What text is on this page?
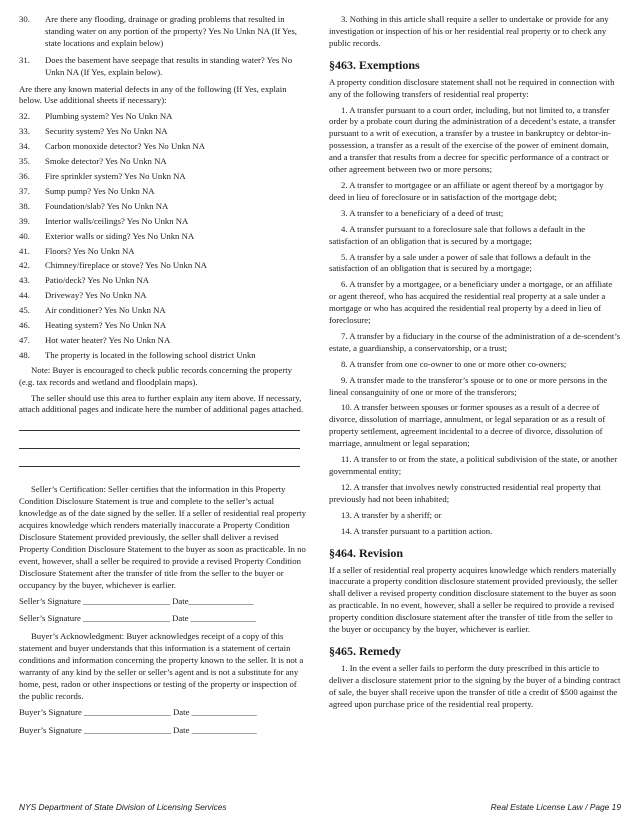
30.	Are there any flooding, drainage or grading problems that resulted in standing water on any portion of the property? Yes No Unkn NA (If Yes, state locations and explain below)
31.	Does the basement have seepage that results in standing water? Yes No Unkn NA (If Yes, explain below).

Are there any known material defects in any of the following (If Yes, explain below. Use additional sheets if necessary):

32.	Plumbing system? Yes No Unkn NA
33.	Security system? Yes No Unkn NA
34.	Carbon monoxide detector? Yes No Unkn NA
35.	Smoke detector? Yes No Unkn NA
36.	Fire sprinkler system? Yes No Unkn NA
37.	Sump pump? Yes No Unkn NA
38.	Foundation/slab? Yes No Unkn NA
39.	Interior walls/ceilings? Yes No Unkn NA
40.	Exterior walls or siding? Yes No Unkn NA
41.	Floors? Yes No Unkn NA
42.	Chimney/fireplace or stove? Yes No Unkn NA
43.	Patio/deck? Yes No Unkn NA
44.	Driveway? Yes No Unkn NA
45.	Air conditioner? Yes No Unkn NA
46.	Heating system? Yes No Unkn NA
47.	Hot water heater? Yes No Unkn NA
48.	The property is located in the following school district Unkn

Note: Buyer is encouraged to check public records concerning the property (e.g. tax records and wetland and floodplain maps).

The seller should use this area to further explain any item above. If necessary, attach additional pages and indicate here the number of additional pages attached.

Seller’s Certification: Seller certifies that the information in this Property Condition Disclosure Statement is true and complete to the seller’s actual knowledge as of the date signed by the seller. If a seller of residential real property acquires knowledge which renders materially inaccurate a Property Condition Disclosure Statement provided previously, the seller shall deliver a revised Property Condition Disclosure Statement to the buyer as soon as practicable. In no event, however, shall a seller be required to provide a revised Property Condition Disclosure Statement after the transfer of title from the seller to the buyer or occupancy by the buyer, whichever is earlier.

Seller’s Signature ____________________ Date_______________
Seller’s Signature ____________________ Date _______________

Buyer’s Acknowledgment: Buyer acknowledges receipt of a copy of this statement and buyer understands that this information is a statement of certain conditions and information concerning the property known to the seller. It is not a warranty of any kind by the seller or seller’s agent and is not a substitute for any home, pest, radon or other inspections or testing of the property or inspection of the public records.

Buyer’s Signature ____________________ Date _______________
Buyer’s Signature ____________________ Date _______________

3. Nothing in this article shall require a seller to undertake or provide for any investigation or inspection of his or her residential real property or to check any public records.

§463. Exemptions

A property condition disclosure statement shall not be required in connection with any of the following transfers of residential real property:

1. A transfer pursuant to a court order, including, but not limited to, a transfer order by a probate court during the administration of a decedent’s estate, a transfer pursuant to a writ of execution, a transfer by a trustee in bankruptcy or debtor-in-possession, a transfer as a result of the exercise of the power of eminent domain, and a transfer that results from a decree for specific performance of a contract or other agreement between two or more persons;

2. A transfer to mortgagee or an affiliate or agent thereof by a mortgagor by deed in lieu of foreclosure or in satisfaction of the mortgage debt;

3. A transfer to a beneficiary of a deed of trust;

4. A transfer pursuant to a foreclosure sale that follows a default in the satisfaction of an obligation that is secured by a mortgage;

5. A transfer by a sale under a power of sale that follows a default in the satisfaction of an obligation that is secured by a mortgage;

6. A transfer by a mortgagee, or a beneficiary under a mortgage, or an affiliate or agent thereof, who has acquired the residential real property at a sale under a mortgage or who has acquired the residential real property by a deed in lieu of foreclosure;

7. A transfer by a fiduciary in the course of the administration of a de-scendent’s estate, a guardianship, a conservatorship, or a trust;

8. A transfer from one co-owner to one or more other co-owners;

9. A transfer made to the transferor’s spouse or to one or more persons in the lineal consanguinity of one or more of the transferors;

10. A transfer between spouses or former spouses as a result of a decree of divorce, dissolution of marriage, annulment, or legal separation or as a result of property settlement, agreement incidental to a decree of divorce, dissolution of marriage, annulment or legal separation;

11. A transfer to or from the state, a political subdivision of the state, or another governmental entity;

12. A transfer that involves newly constructed residential real property that previously had not been inhabited;

13. A transfer by a sheriff; or

14. A transfer pursuant to a partition action.

§464. Revision

If a seller of residential real property acquires knowledge which renders materially inaccurate a property condition disclosure statement provided previously, the seller shall deliver a revised property condition disclosure statement to the buyer as soon as practicable. In no event, however, shall a seller be required to provide a revised property condition disclosure statement after the transfer of title from the seller to the buyer or occupancy by the buyer, whichever is earlier.

§465. Remedy

1. In the event a seller fails to perform the duty prescribed in this article to deliver a disclosure statement prior to the signing by the buyer of a binding contract of sale, the buyer shall receive upon the transfer of title a credit of $500 against the agreed upon purchase price of the residential real property.

NYS Department of State Division of Licensing Services	Real Estate License Law / Page 19
